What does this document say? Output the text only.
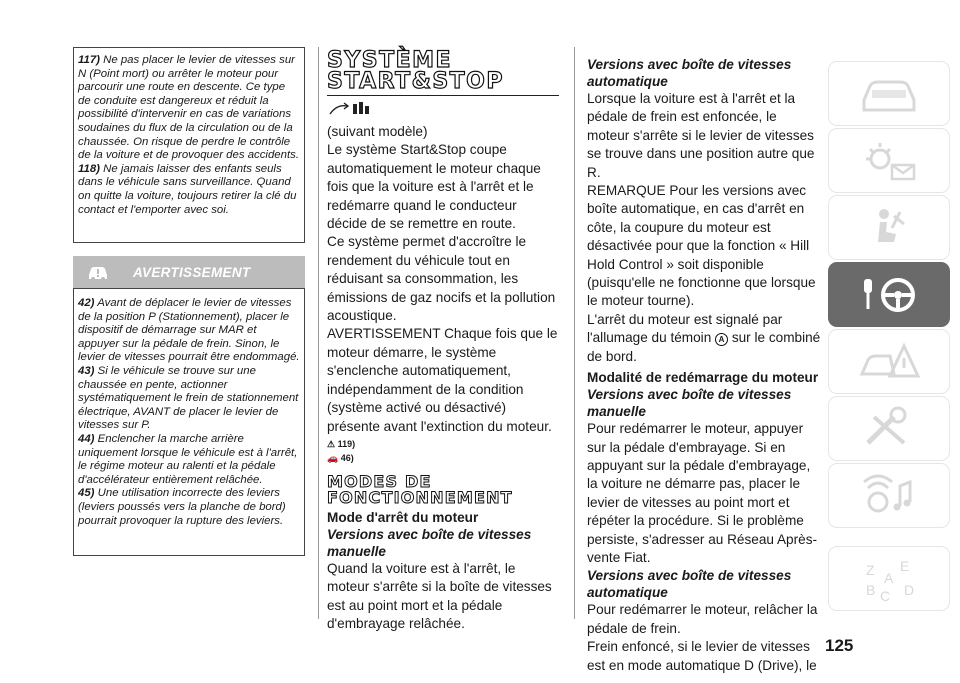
117) Ne pas placer le levier de vitesses sur N (Point mort) ou arrêter le moteur pour parcourir une route en descente. Ce type de conduite est dangereux et réduit la possibilité d'intervenir en cas de variations soudaines du flux de la circulation ou de la chaussée. On risque de perdre le contrôle de la voiture et de provoquer des accidents.

118) Ne jamais laisser des enfants seuls dans le véhicule sans surveillance. Quand on quitte la voiture, toujours retirer la clé du contact et l'emporter avec soi.

AVERTISSEMENT

42) Avant de déplacer le levier de vitesses de la position P (Stationnement), placer le dispositif de démarrage sur MAR et appuyer sur la pédale de frein. Sinon, le levier de vitesses pourrait être endommagé.

43) Si le véhicule se trouve sur une chaussée en pente, actionner systématiquement le frein de stationnement électrique, AVANT de placer le levier de vitesses sur P.

44) Enclencher la marche arrière uniquement lorsque le véhicule est à l'arrêt, le régime moteur au ralenti et la pédale d'accélérateur entièrement relâchée.

45) Une utilisation incorrecte des leviers (leviers poussés vers la planche de bord) pourrait provoquer la rupture des leviers.

SYSTÈME
START&STOP

(suivant modèle)

Le système Start&Stop coupe automatiquement le moteur chaque fois que la voiture est à l'arrêt et le redémarre quand le conducteur décide de se remettre en route.

Ce système permet d'accroître le rendement du véhicule tout en réduisant sa consommation, les émissions de gaz nocifs et la pollution acoustique.

AVERTISSEMENT Chaque fois que le moteur démarre, le système s'enclenche automatiquement, indépendamment de la condition (système activé ou désactivé) présente avant l'extinction du moteur.

⚠ 119)
🚗 46)
MODES DE
FONCTIONNEMENT

Mode d'arrêt du moteur

Versions avec boîte de vitesses manuelle

Quand la voiture est à l'arrêt, le moteur s'arrête si la boîte de vitesses est au point mort et la pédale d'embrayage relâchée.

Versions avec boîte de vitesses automatique

Lorsque la voiture est à l'arrêt et la pédale de frein est enfoncée, le moteur s'arrête si le levier de vitesses se trouve dans une position autre que R.

REMARQUE Pour les versions avec boîte automatique, en cas d'arrêt en côte, la coupure du moteur est désactivée pour que la fonction « Hill Hold Control » soit disponible (puisqu'elle ne fonctionne que lorsque le moteur tourne).

L'arrêt du moteur est signalé par l'allumage du témoin A sur le combiné de bord.

Modalité de redémarrage du moteur

Versions avec boîte de vitesses manuelle

Pour redémarrer le moteur, appuyer sur la pédale d'embrayage. Si en appuyant sur la pédale d'embrayage, la voiture ne démarre pas, placer le levier de vitesses au point mort et répéter la procédure. Si le problème persiste, s'adresser au Réseau Après-vente Fiat.

Versions avec boîte de vitesses automatique

Pour redémarrer le moteur, relâcher la pédale de frein.

Frein enfoncé, si le levier de vitesses est en mode automatique D (Drive), le

125
Z E
A
B C D
